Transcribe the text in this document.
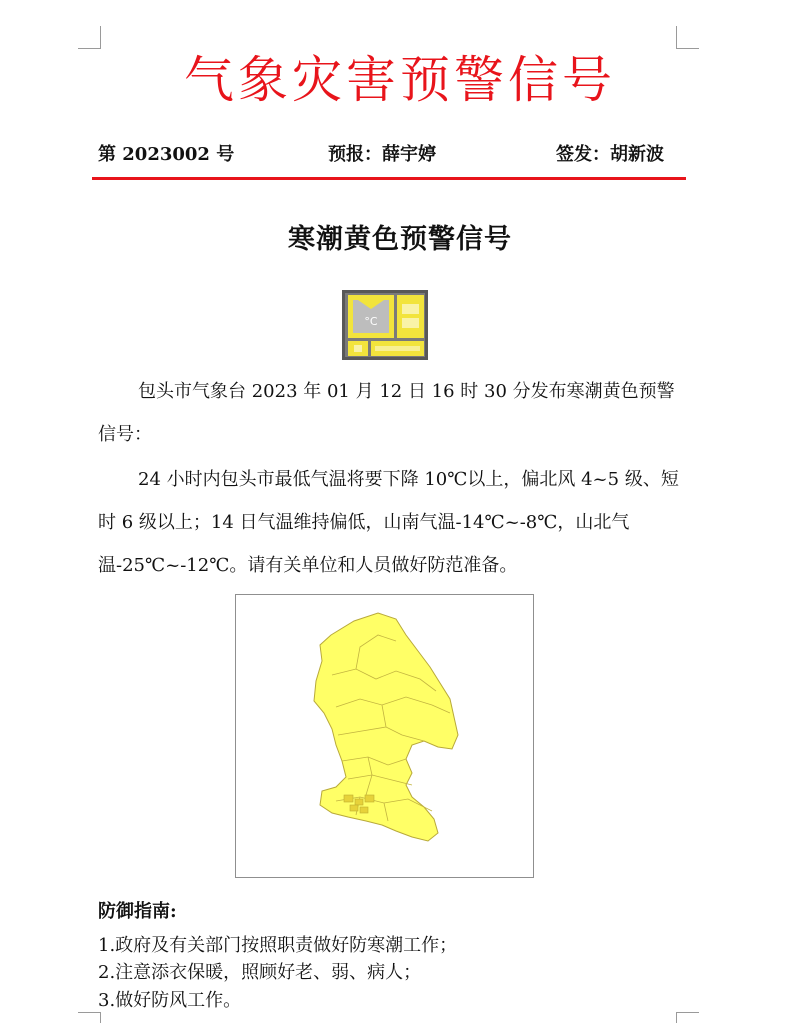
气象灾害预警信号
第 2023002 号	预报：薛宇婷	签发：胡新波
寒潮黄色预警信号
°C
包头市气象台 2023 年 01 月 12 日 16 时 30 分发布寒潮黄色预警信号：
24 小时内包头市最低气温将要下降 10℃以上，偏北风 4~5 级、短时 6 级以上；14 日气温维持偏低，山南气温-14℃~-8℃，山北气温-25℃~-12℃。请有关单位和人员做好防范准备。
防御指南:
1.政府及有关部门按照职责做好防寒潮工作；
2.注意添衣保暖，照顾好老、弱、病人；
3.做好防风工作。
